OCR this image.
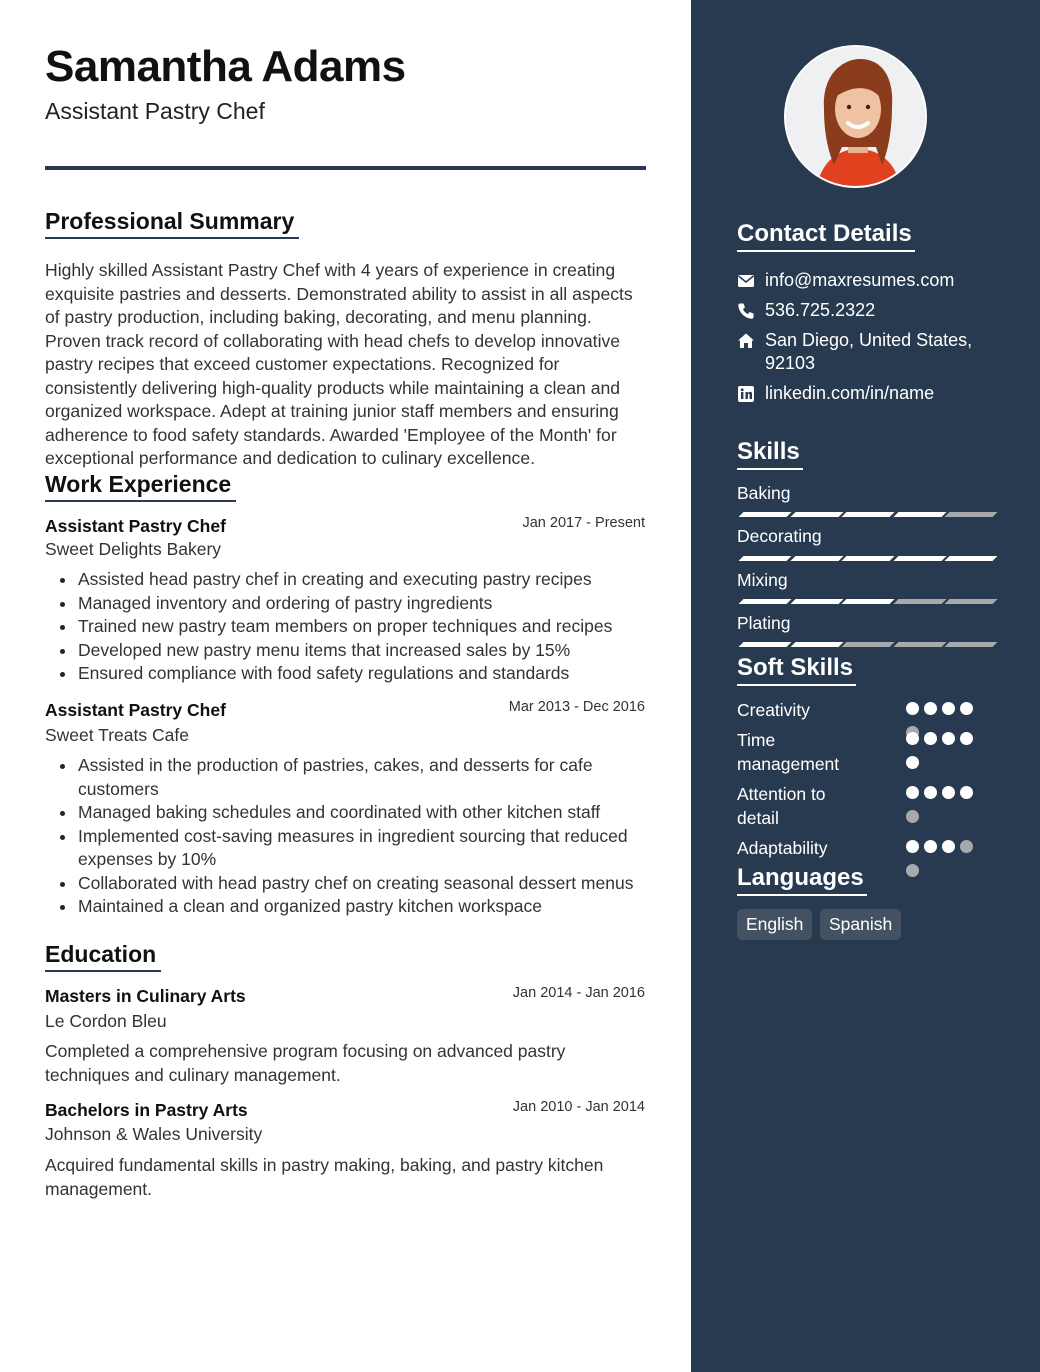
Samantha Adams
Assistant Pastry Chef
Professional Summary
Highly skilled Assistant Pastry Chef with 4 years of experience in creating exquisite pastries and desserts. Demonstrated ability to assist in all aspects of pastry production, including baking, decorating, and menu planning. Proven track record of collaborating with head chefs to develop innovative pastry recipes that exceed customer expectations. Recognized for consistently delivering high-quality products while maintaining a clean and organized workspace. Adept at training junior staff members and ensuring adherence to food safety standards. Awarded 'Employee of the Month' for exceptional performance and dedication to culinary excellence.
Work Experience
Assistant Pastry Chef	Jan 2017 - Present
Sweet Delights Bakery
Assisted head pastry chef in creating and executing pastry recipes
Managed inventory and ordering of pastry ingredients
Trained new pastry team members on proper techniques and recipes
Developed new pastry menu items that increased sales by 15%
Ensured compliance with food safety regulations and standards
Assistant Pastry Chef	Mar 2013 - Dec 2016
Sweet Treats Cafe
Assisted in the production of pastries, cakes, and desserts for cafe customers
Managed baking schedules and coordinated with other kitchen staff
Implemented cost-saving measures in ingredient sourcing that reduced expenses by 10%
Collaborated with head pastry chef on creating seasonal dessert menus
Maintained a clean and organized pastry kitchen workspace
Education
Masters in Culinary Arts	Jan 2014 - Jan 2016
Le Cordon Bleu
Completed a comprehensive program focusing on advanced pastry techniques and culinary management.
Bachelors in Pastry Arts	Jan 2010 - Jan 2014
Johnson & Wales University
Acquired fundamental skills in pastry making, baking, and pastry kitchen management.
Contact Details
info@maxresumes.com
536.725.2322
San Diego, United States, 92103
linkedin.com/in/name
Skills
Baking
Decorating
Mixing
Plating
Soft Skills
Creativity
Time management
Attention to detail
Adaptability
Languages
English	Spanish
